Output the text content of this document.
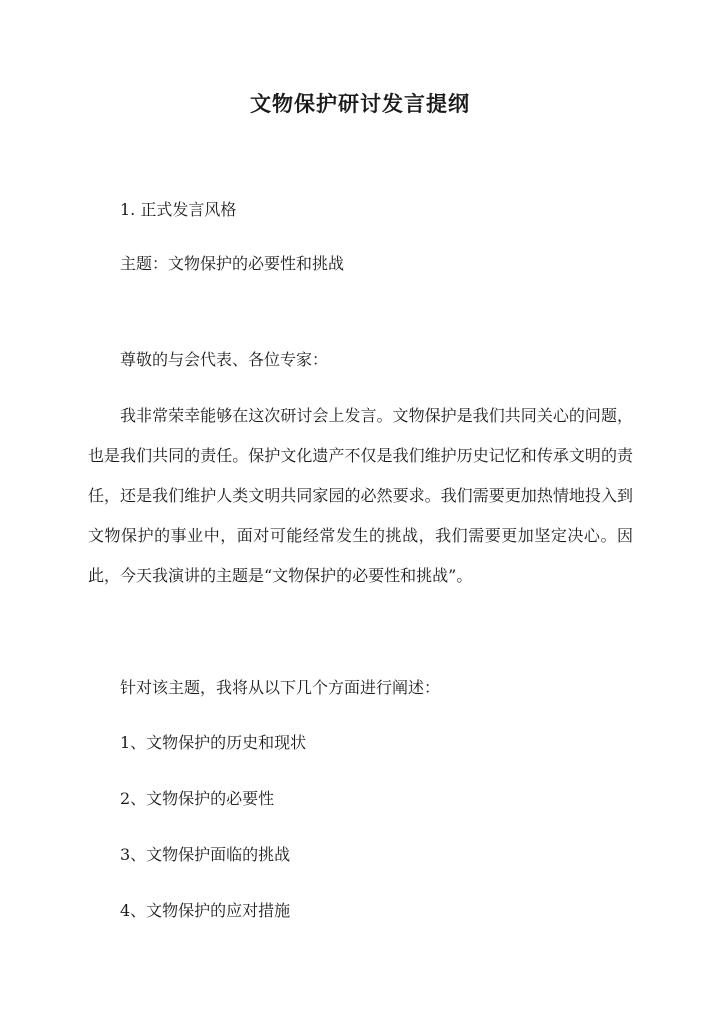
文物保护研讨发言提纲
1. 正式发言风格
主题：文物保护的必要性和挑战
尊敬的与会代表、各位专家：
我非常荣幸能够在这次研讨会上发言。文物保护是我们共同关心的问题，也是我们共同的责任。保护文化遗产不仅是我们维护历史记忆和传承文明的责任，还是我们维护人类文明共同家园的必然要求。我们需要更加热情地投入到文物保护的事业中，面对可能经常发生的挑战，我们需要更加坚定决心。因此，今天我演讲的主题是“文物保护的必要性和挑战”。
针对该主题，我将从以下几个方面进行阐述：
1、文物保护的历史和现状
2、文物保护的必要性
3、文物保护面临的挑战
4、文物保护的应对措施
